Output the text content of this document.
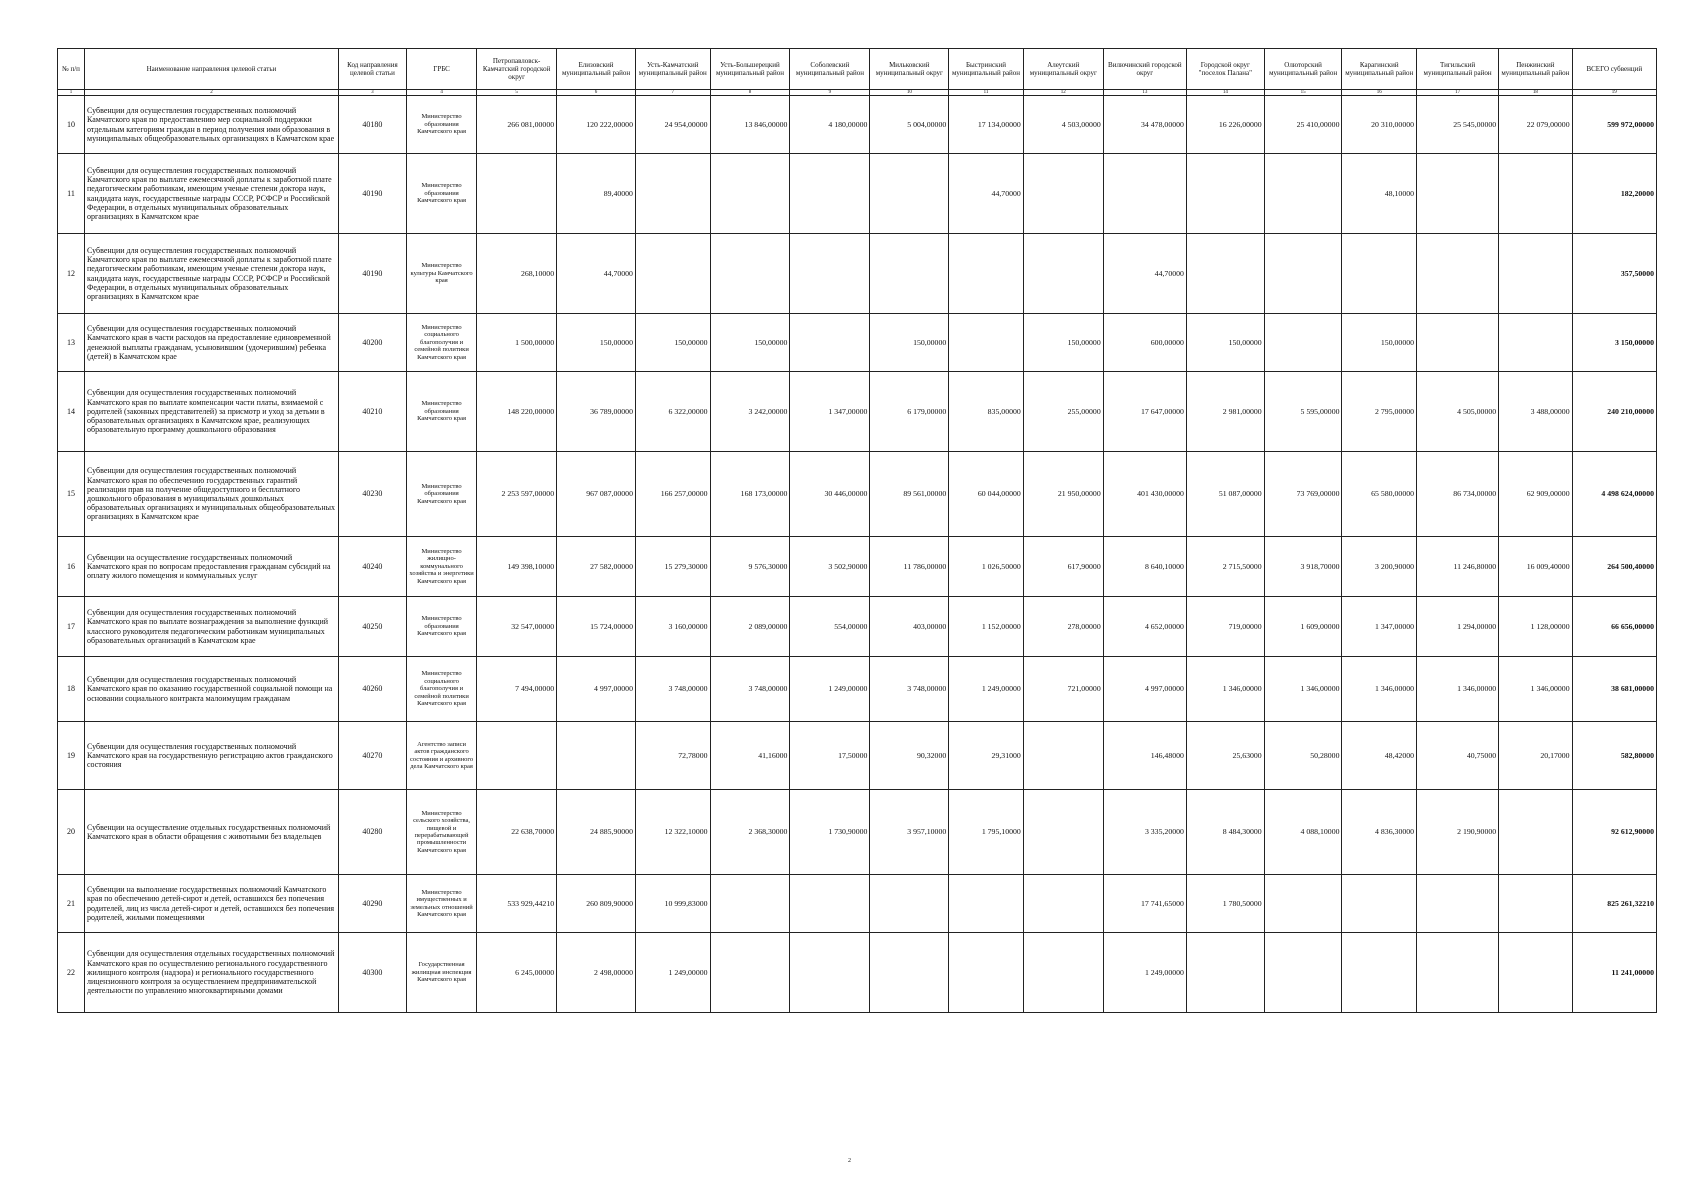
№ п/п	Наименование направления целевой статьи	Код направления целевой статьи	ГРБС	Петропавловск-Камчатский городской округ	Елизовский муниципальный район	Усть-Камчатский муниципальный район	Усть-Большерецкий муниципальный район	Соболевский муниципальный район	Мильковский муниципальный округ	Быстринский муниципальный район	Алеутский муниципальный округ	Вилючинский городской округ	Городской округ "поселок Палана"	Олюторский муниципальный район	Карагинский муниципальный район	Тигильский муниципальный район	Пенжинский муниципальный район	ВСЕГО субвенций
1	2	3	4	5	6	7	8	9	10	11	12	13	14	15	16	17	18	19
10	Субвенции для осуществления государственных полномочий Камчатского края по предоставлению мер социальной поддержки отдельным категориям граждан в период получения ими образования в муниципальных общеобразовательных организациях в Камчатском крае	40180	Министерство образования Камчатского края	266 081,00000	120 222,00000	24 954,00000	13 846,00000	4 180,00000	5 004,00000	17 134,00000	4 503,00000	34 478,00000	16 226,00000	25 410,00000	20 310,00000	25 545,00000	22 079,00000	599 972,00000
11	Субвенции для осуществления государственных полномочий Камчатского края по выплате ежемесячной доплаты к заработной плате педагогическим работникам, имеющим ученые степени доктора наук, кандидата наук, государственные награды СССР, РСФСР и Российской Федерации, в отдельных муниципальных образовательных организациях в Камчатском крае	40190	Министерство образования Камчатского края		89,40000					44,70000					48,10000			182,20000
12	Субвенции для осуществления государственных полномочий Камчатского края по выплате ежемесячной доплаты к заработной плате педагогическим работникам, имеющим ученые степени доктора наук, кандидата наук, государственные награды СССР, РСФСР и Российской Федерации, в отдельных муниципальных образовательных организациях в Камчатском крае	40190	Министерство культуры Камчатского края	268,10000	44,70000							44,70000						357,50000
13	Субвенции для осуществления государственных полномочий Камчатского края в части расходов на предоставление единовременной денежной выплаты гражданам, усыновившим (удочерившим) ребенка (детей) в Камчатском крае	40200	Министерство социального благополучия и семейной политики Камчатского края	1 500,00000	150,00000	150,00000	150,00000		150,00000		150,00000	600,00000	150,00000		150,00000			3 150,00000
14	Субвенции для осуществления государственных полномочий Камчатского края по выплате компенсации части платы, взимаемой с родителей (законных представителей) за присмотр и уход за детьми в образовательных организациях в Камчатском крае, реализующих образовательную программу дошкольного образования	40210	Министерство образования Камчатского края	148 220,00000	36 789,00000	6 322,00000	3 242,00000	1 347,00000	6 179,00000	835,00000	255,00000	17 647,00000	2 981,00000	5 595,00000	2 795,00000	4 505,00000	3 488,00000	240 210,00000
15	Субвенции для осуществления государственных полномочий Камчатского края по обеспечению государственных гарантий реализации прав на получение общедоступного и бесплатного дошкольного образования в муниципальных дошкольных образовательных организациях и муниципальных общеобразовательных организациях в Камчатском крае	40230	Министерство образования Камчатского края	2 253 597,00000	967 087,00000	166 257,00000	168 173,00000	30 446,00000	89 561,00000	60 044,00000	21 950,00000	401 430,00000	51 087,00000	73 769,00000	65 580,00000	86 734,00000	62 909,00000	4 498 624,00000
16	Субвенции на осуществление государственных полномочий Камчатского края по вопросам предоставления гражданам субсидий на оплату жилого помещения и коммунальных услуг	40240	Министерство жилищно-коммунального хозяйства и энергетики Камчатского края	149 398,10000	27 582,00000	15 279,30000	9 576,30000	3 502,90000	11 786,00000	1 026,50000	617,90000	8 640,10000	2 715,50000	3 918,70000	3 200,90000	11 246,80000	16 009,40000	264 500,40000
17	Субвенции для осуществления государственных полномочий Камчатского края по выплате вознаграждения за выполнение функций классного руководителя педагогическим работникам муниципальных образовательных организаций в Камчатском крае	40250	Министерство образования Камчатского края	32 547,00000	15 724,00000	3 160,00000	2 089,00000	554,00000	403,00000	1 152,00000	278,00000	4 652,00000	719,00000	1 609,00000	1 347,00000	1 294,00000	1 128,00000	66 656,00000
18	Субвенции для осуществления государственных полномочий Камчатского края по оказанию государственной социальной помощи на основании социального контракта малоимущим гражданам	40260	Министерство социального благополучия и семейной политики Камчатского края	7 494,00000	4 997,00000	3 748,00000	3 748,00000	1 249,00000	3 748,00000	1 249,00000	721,00000	4 997,00000	1 346,00000	1 346,00000	1 346,00000	1 346,00000	1 346,00000	38 681,00000
19	Субвенции для осуществления государственных полномочий Камчатского края на государственную регистрацию актов гражданского состояния	40270	Агентство записи актов гражданского состояния и архивного дела Камчатского края			72,78000	41,16000	17,50000	90,32000	29,31000		146,48000	25,63000	50,28000	48,42000	40,75000	20,17000	582,80000
20	Субвенции на осуществление отдельных государственных полномочий Камчатского края в области обращения с животными без владельцев	40280	Министерство сельского хозяйства, пищевой и перерабатывающей промышленности Камчатского края	22 638,70000	24 885,90000	12 322,10000	2 368,30000	1 730,90000	3 957,10000	1 795,10000		3 335,20000	8 484,30000	4 088,10000	4 836,30000	2 190,90000		92 612,90000
21	Субвенции на выполнение государственных полномочий Камчатского края по обеспечению детей-сирот и детей, оставшихся без попечения родителей, лиц из числа детей-сирот и детей, оставшихся без попечения родителей, жилыми помещениями	40290	Министерство имущественных и земельных отношений Камчатского края	533 929,44210	260 809,90000	10 999,83000						17 741,65000	1 780,50000					825 261,32210
22	Субвенции для осуществления отдельных государственных полномочий Камчатского края по осуществлению регионального государственного жилищного контроля (надзора) и регионального государственного лицензионного контроля за осуществлением предпринимательской деятельности по управлению многоквартирными домами	40300	Государственная жилищная инспекция Камчатского края	6 245,00000	2 498,00000	1 249,00000						1 249,00000						11 241,00000
2
